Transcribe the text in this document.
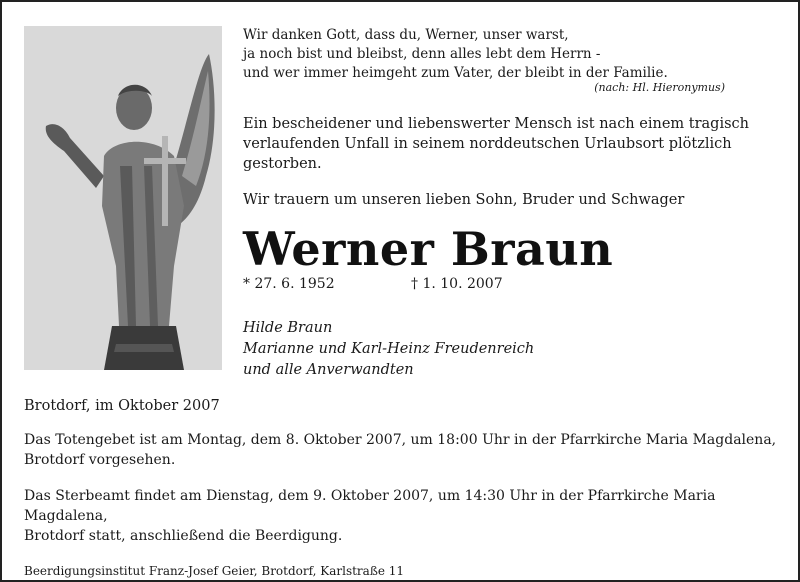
Wir danken Gott, dass du, Werner, unser warst,
ja noch bist und bleibst, denn alles lebt dem Herrn -
und wer immer heimgeht zum Vater, der bleibt in der Familie.
(nach: Hl. Hieronymus)
Ein bescheidener und liebenswerter Mensch ist nach einem tragisch
verlaufenden Unfall in seinem norddeutschen Urlaubsort plötzlich
gestorben.
Wir trauern um unseren lieben Sohn, Bruder und Schwager
Werner Braun
* 27. 6. 1952	† 1. 10. 2007
Hilde Braun
Marianne und Karl-Heinz Freudenreich
und alle Anverwandten
Brotdorf, im Oktober 2007
Das Totengebet ist am Montag, dem 8. Oktober 2007, um 18:00 Uhr in der Pfarrkirche Maria Magdalena,
Brotdorf vorgesehen.
Das Sterbeamt findet am Dienstag, dem 9. Oktober 2007, um 14:30 Uhr in der Pfarrkirche Maria Magdalena,
Brotdorf statt, anschließend die Beerdigung.
Beerdigungsinstitut Franz-Josef Geier, Brotdorf, Karlstraße 11
